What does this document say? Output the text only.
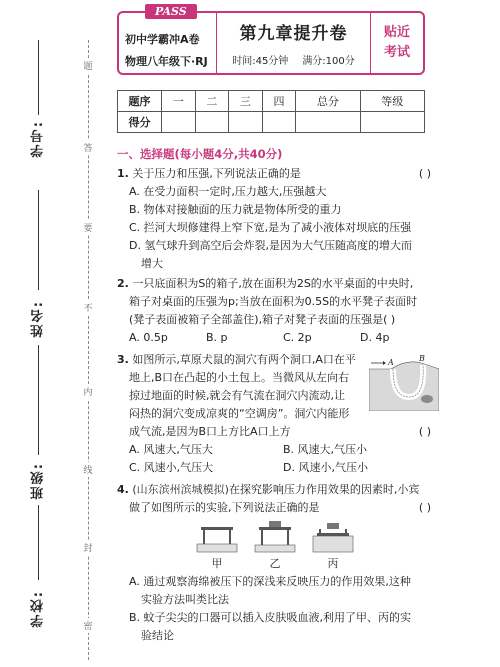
题
答
要
不
内
线
封
密
学号:
姓名:
班级:
学校:
PASS
初中学霸冲A卷
物理八年级下·RJ
第九章提升卷
时间:45分钟 满分:100分
贴近
考试
题序	一	二	三	四	总分	等级
得分						
一、选择题(每小题4分,共40分)
1. 关于压力和压强,下列说法正确的是	( )
A. 在受力面积一定时,压力越大,压强越大
B. 物体对接触面的压力就是物体所受的重力
C. 拦河大坝修建得上窄下宽,是为了减小液体对坝底的压强
D. 氢气球升到高空后会炸裂,是因为大气压随高度的增大而
增大
2. 一只底面积为S的箱子,放在面积为2S的水平桌面的中央时,
箱子对桌面的压强为p;当放在面积为0.5S的水平凳子表面时
(凳子表面被箱子全部盖住),箱子对凳子表面的压强是( )
A. 0.5p	B. p	C. 2p	D. 4p
3. 如图所示,草原犬鼠的洞穴有两个洞口,A口在平
地上,B口在凸起的小土包上。当微风从左向右
掠过地面的时候,就会有气流在洞穴内流动,让
闷热的洞穴变成凉爽的“空调房”。洞穴内能形
成气流,是因为B口上方比A口上方	( )
A	B
A. 风速大,气压大	B. 风速大,气压小
C. 风速小,气压大	D. 风速小,气压小
4. (山东滨州滨城模拟)在探究影响压力作用效果的因素时,小宾
做了如图所示的实验,下列说法正确的是	( )
甲	乙	丙
A. 通过观察海绵被压下的深浅来反映压力的作用效果,这种
实验方法叫类比法
B. 蚊子尖尖的口器可以插入皮肤吸血液,利用了甲、丙的实
验结论
